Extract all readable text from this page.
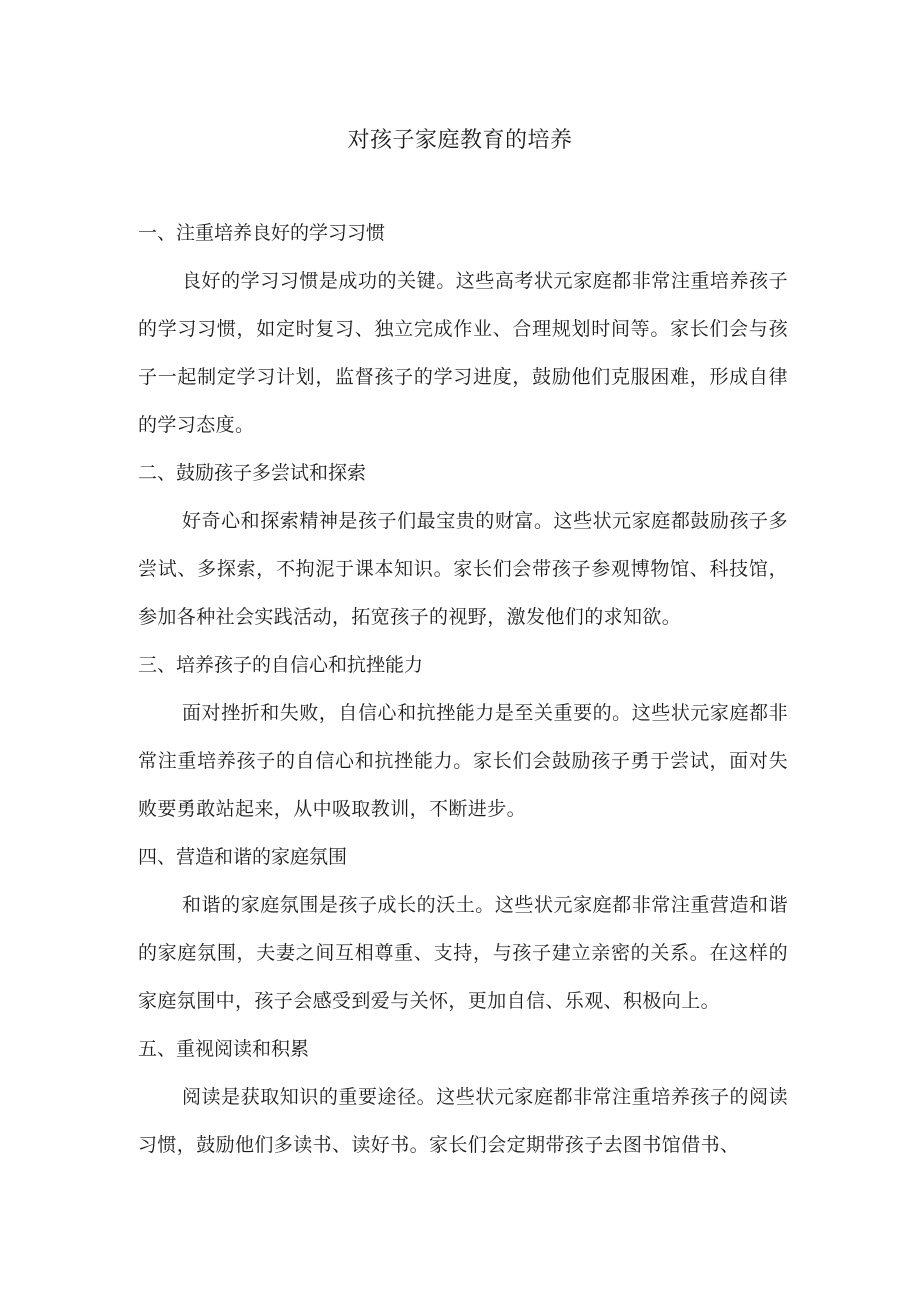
对孩子家庭教育的培养

一、注重培养良好的学习习惯

良好的学习习惯是成功的关键。这些高考状元家庭都非常注重培养孩子的学习习惯，如定时复习、独立完成作业、合理规划时间等。家长们会与孩子一起制定学习计划，监督孩子的学习进度，鼓励他们克服困难，形成自律的学习态度。

二、鼓励孩子多尝试和探索

好奇心和探索精神是孩子们最宝贵的财富。这些状元家庭都鼓励孩子多尝试、多探索，不拘泥于课本知识。家长们会带孩子参观博物馆、科技馆，参加各种社会实践活动，拓宽孩子的视野，激发他们的求知欲。

三、培养孩子的自信心和抗挫能力

面对挫折和失败，自信心和抗挫能力是至关重要的。这些状元家庭都非常注重培养孩子的自信心和抗挫能力。家长们会鼓励孩子勇于尝试，面对失败要勇敢站起来，从中吸取教训，不断进步。

四、营造和谐的家庭氛围

和谐的家庭氛围是孩子成长的沃土。这些状元家庭都非常注重营造和谐的家庭氛围，夫妻之间互相尊重、支持，与孩子建立亲密的关系。在这样的家庭氛围中，孩子会感受到爱与关怀，更加自信、乐观、积极向上。

五、重视阅读和积累

阅读是获取知识的重要途径。这些状元家庭都非常注重培养孩子的阅读习惯，鼓励他们多读书、读好书。家长们会定期带孩子去图书馆借书、
